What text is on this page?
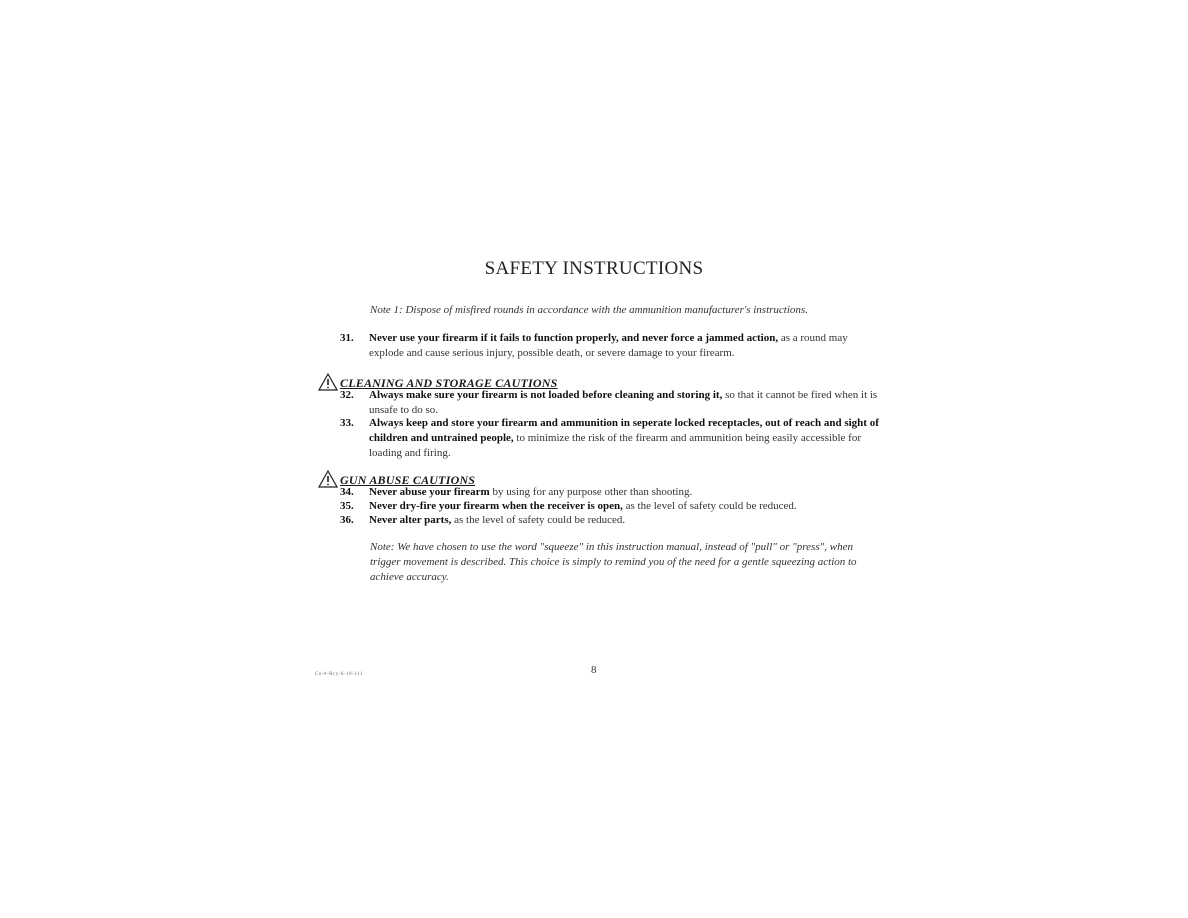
SAFETY INSTRUCTIONS
Note 1: Dispose of misfired rounds in accordance with the ammunition manufacturer's instructions.
31.	Never use your firearm if it fails to function properly, and never force a jammed action, as a round may explode and cause serious injury, possible death, or severe damage to your firearm.
CLEANING AND STORAGE CAUTIONS
32.	Always make sure your firearm is not loaded before cleaning and storing it, so that it cannot be fired when it is unsafe to do so.
33.	Always keep and store your firearm and ammunition in seperate locked receptacles, out of reach and sight of children and untrained people, to minimize the risk of the firearm and ammunition being easily accessible for loading and firing.
GUN ABUSE CAUTIONS
34.	Never abuse your firearm by using for any purpose other than shooting.
35.	Never dry-fire your firearm when the receiver is open, as the level of safety could be reduced.
36.	Never alter parts, as the level of safety could be reduced.
Note: We have chosen to use the word "squeeze" in this instruction manual, instead of "pull" or "press", when trigger movement is described. This choice is simply to remind you of the need for a gentle squeezing action to achieve accuracy.
8
Co-#-Rcy-6-10-111
